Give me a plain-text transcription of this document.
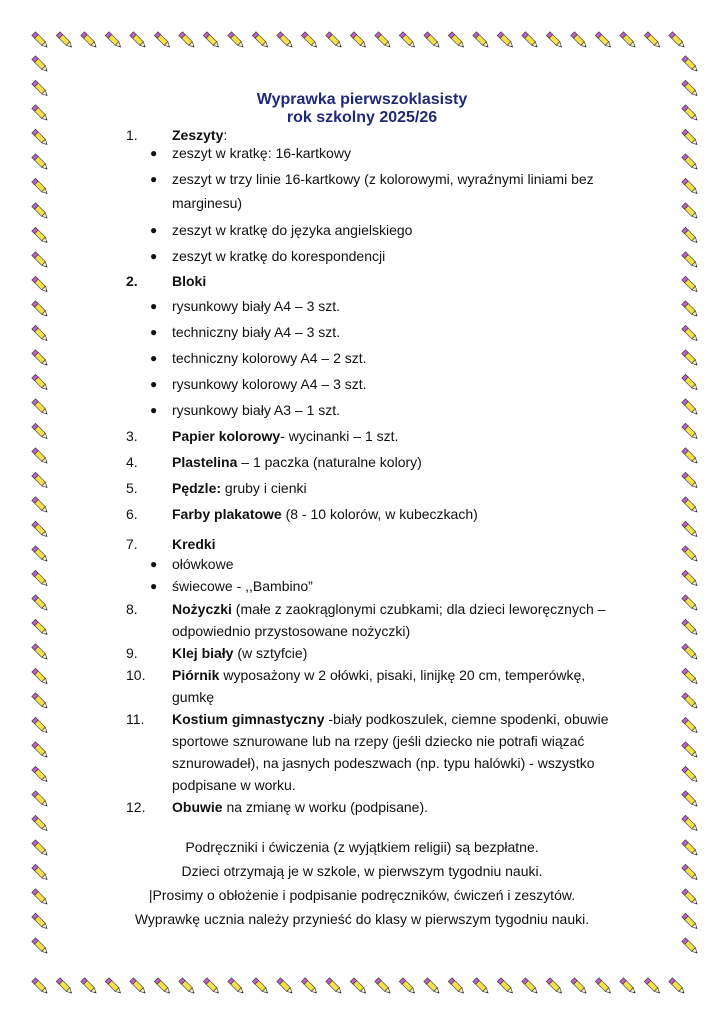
Wyprawka pierwszoklasisty
rok szkolny 2025/26
1. Zeszyty:
● zeszyt w kratkę: 16-kartkowy
● zeszyt w trzy linie 16-kartkowy (z kolorowymi, wyraźnymi liniami bez
marginesu)
● zeszyt w kratkę do języka angielskiego
● zeszyt w kratkę do korespondencji
2. Bloki
● rysunkowy biały A4 – 3 szt.
● techniczny biały A4 – 3 szt.
● techniczny kolorowy A4 – 2 szt.
● rysunkowy kolorowy A4 – 3 szt.
● rysunkowy biały A3 – 1 szt.
3. Papier kolorowy- wycinanki – 1 szt.
4. Plastelina – 1 paczka (naturalne kolory)
5. Pędzle: gruby i cienki
6. Farby plakatowe (8 - 10 kolorów, w kubeczkach)
7. Kredki
● ołówkowe
● świecowe - ,,Bambino”
8. Nożyczki (małe z zaokrąglonymi czubkami; dla dzieci leworęcznych –
odpowiednio przystosowane nożyczki)
9. Klej biały (w sztyfcie)
10. Piórnik wyposażony w 2 ołówki, pisaki, linijkę 20 cm, temperówkę,
gumkę
11. Kostium gimnastyczny -biały podkoszulek, ciemne spodenki, obuwie
sportowe sznurowane lub na rzepy (jeśli dziecko nie potrafi wiązać
sznurowadeł), na jasnych podeszwach (np. typu halówki) - wszystko
podpisane w worku.
12. Obuwie na zmianę w worku (podpisane).
Podręczniki i ćwiczenia (z wyjątkiem religii) są bezpłatne.
Dzieci otrzymają je w szkole, w pierwszym tygodniu nauki.
|Prosimy o obłożenie i podpisanie podręczników, ćwiczeń i zeszytów.
Wyprawkę ucznia należy przynieść do klasy w pierwszym tygodniu nauki.
